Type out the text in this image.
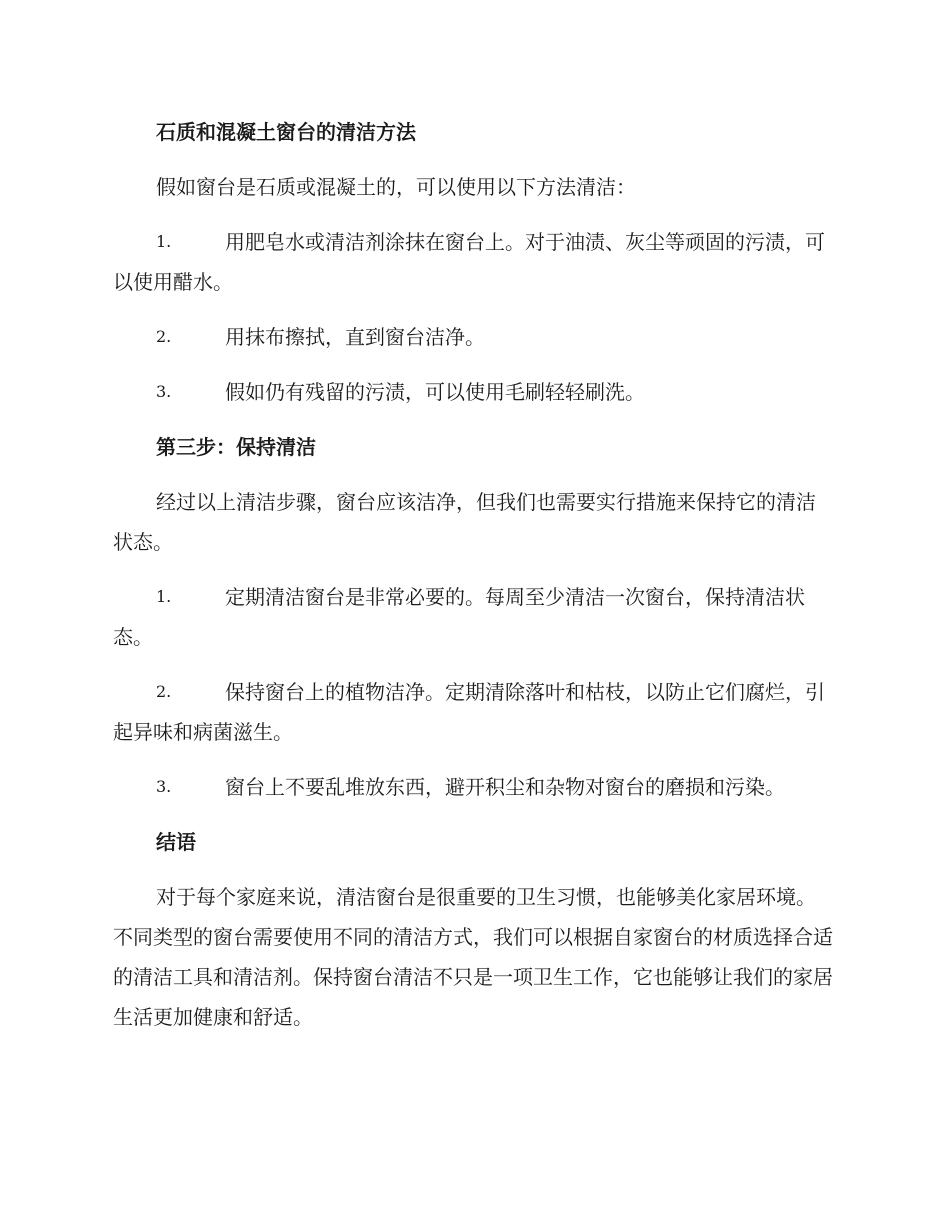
石质和混凝土窗台的清洁方法

假如窗台是石质或混凝土的，可以使用以下方法清洁：

1.	用肥皂水或清洁剂涂抹在窗台上。对于油渍、灰尘等顽固的污渍，可以使用醋水。
2.	用抹布擦拭，直到窗台洁净。
3.	假如仍有残留的污渍，可以使用毛刷轻轻刷洗。

第三步：保持清洁

经过以上清洁步骤，窗台应该洁净，但我们也需要实行措施来保持它的清洁状态。

1.	定期清洁窗台是非常必要的。每周至少清洁一次窗台，保持清洁状态。
2.	保持窗台上的植物洁净。定期清除落叶和枯枝，以防止它们腐烂，引起异味和病菌滋生。
3.	窗台上不要乱堆放东西，避开积尘和杂物对窗台的磨损和污染。

结语

对于每个家庭来说，清洁窗台是很重要的卫生习惯，也能够美化家居环境。不同类型的窗台需要使用不同的清洁方式，我们可以根据自家窗台的材质选择合适的清洁工具和清洁剂。保持窗台清洁不只是一项卫生工作，它也能够让我们的家居生活更加健康和舒适。
